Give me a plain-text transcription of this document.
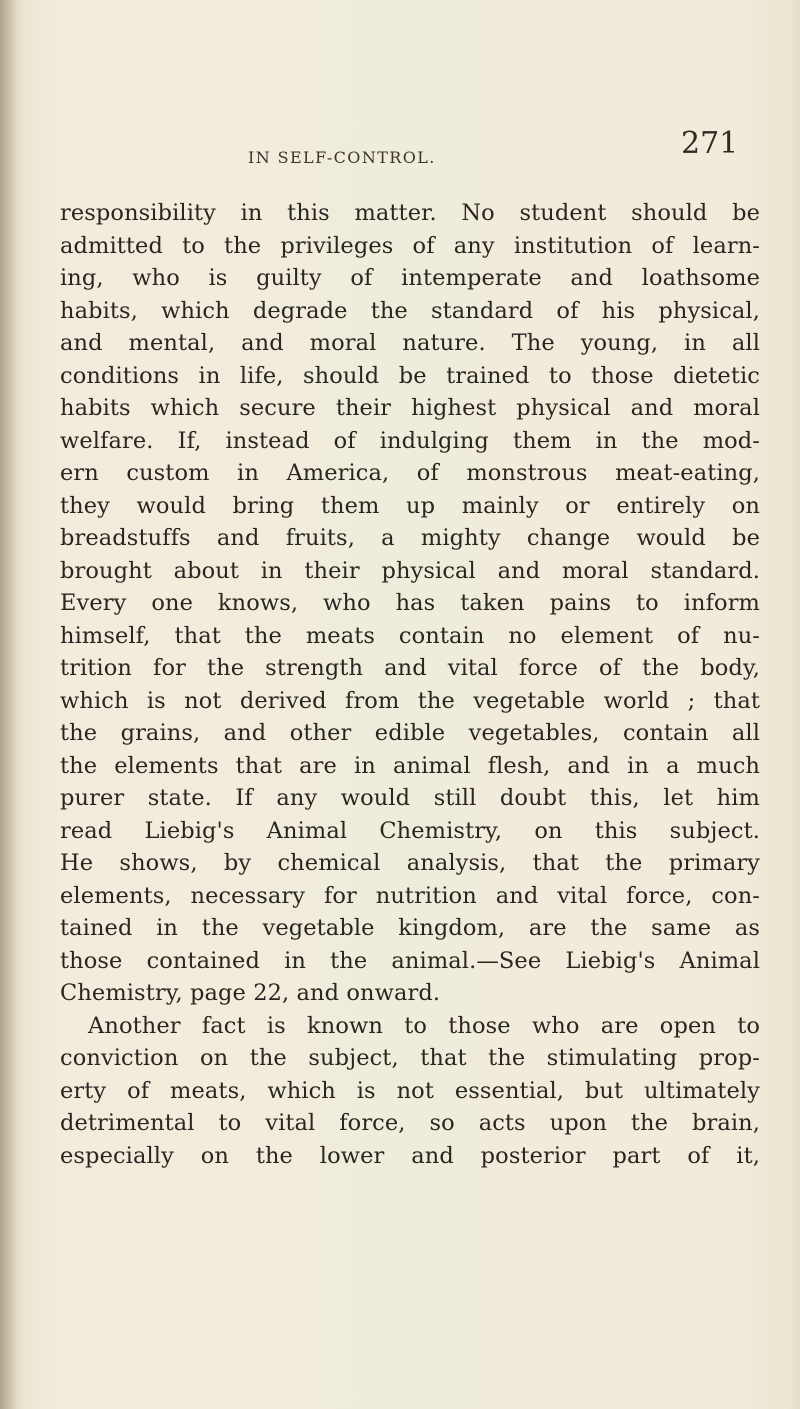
IN SELF-CONTROL.	271
responsibility in this matter. No student should be
admitted to the privileges of any institution of learn-
ing, who is guilty of intemperate and loathsome
habits, which degrade the standard of his physical,
and mental, and moral nature. The young, in all
conditions in life, should be trained to those dietetic
habits which secure their highest physical and moral
welfare. If, instead of indulging them in the mod-
ern custom in America, of monstrous meat-eating,
they would bring them up mainly or entirely on
breadstuffs and fruits, a mighty change would be
brought about in their physical and moral standard.
Every one knows, who has taken pains to inform
himself, that the meats contain no element of nu-
trition for the strength and vital force of the body,
which is not derived from the vegetable world ; that
the grains, and other edible vegetables, contain all
the elements that are in animal flesh, and in a much
purer state. If any would still doubt this, let him
read Liebig's Animal Chemistry, on this subject.
He shows, by chemical analysis, that the primary
elements, necessary for nutrition and vital force, con-
tained in the vegetable kingdom, are the same as
those contained in the animal.—See Liebig's Animal
Chemistry, page 22, and onward.
Another fact is known to those who are open to
conviction on the subject, that the stimulating prop-
erty of meats, which is not essential, but ultimately
detrimental to vital force, so acts upon the brain,
especially on the lower and posterior part of it,
